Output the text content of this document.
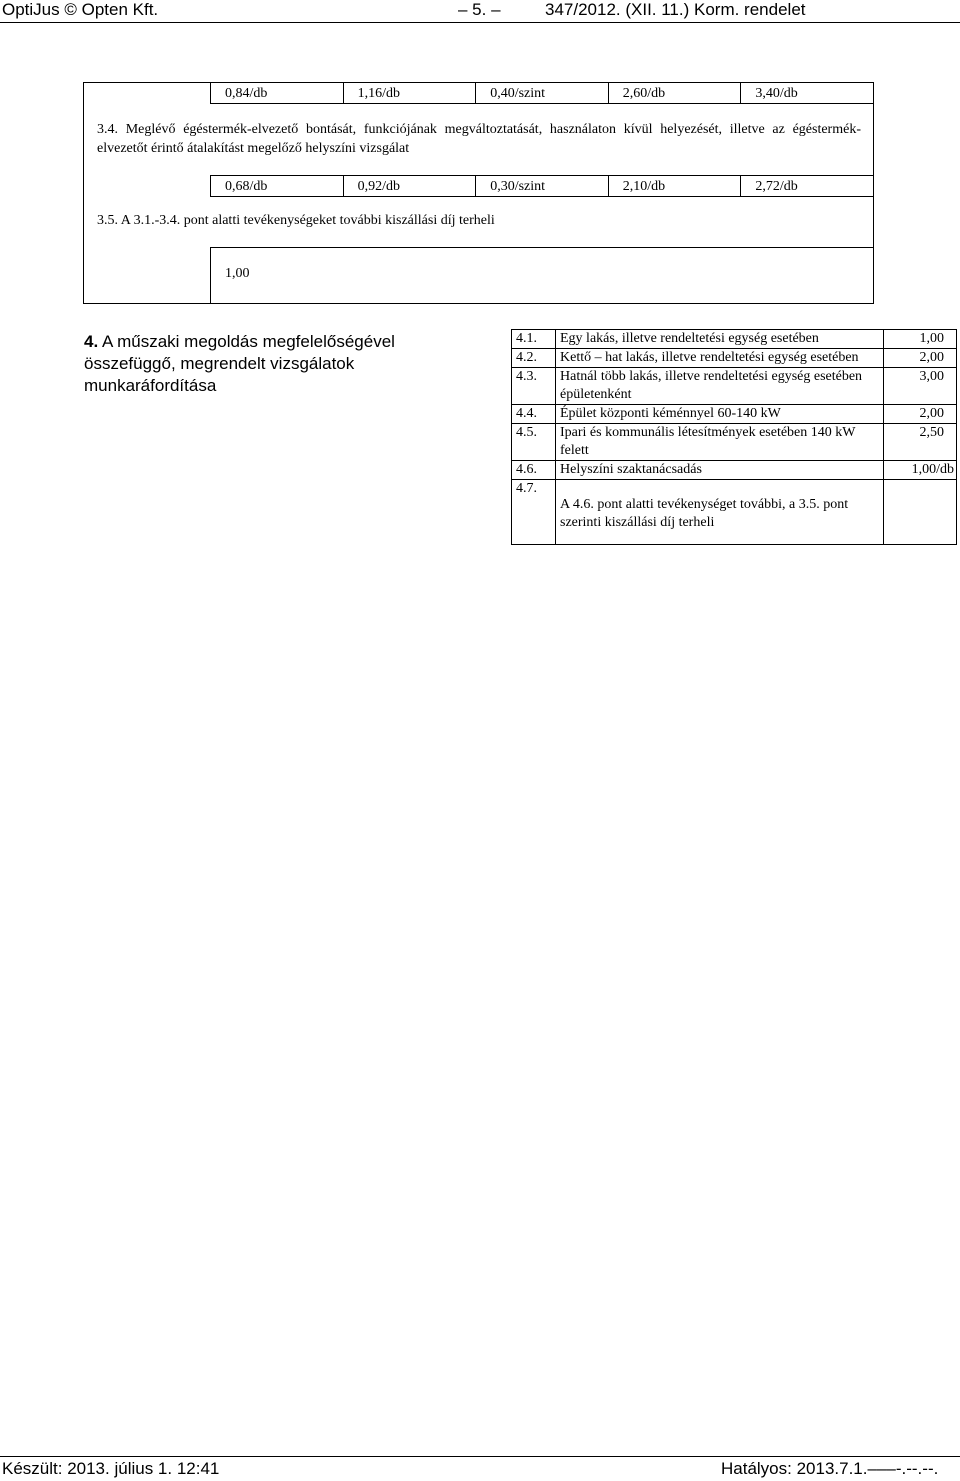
OptiJus © Opten Kft.	– 5. –	347/2012. (XII. 11.) Korm. rendelet
0,84/db	1,16/db	0,40/szint	2,60/db	3,40/db
3.4. Meglévő égéstermék-elvezető bontását, funkciójának megváltoztatását, használaton kívül helyezését, illetve az égéstermék-elvezetőt érintő átalakítást megelőző helyszíni vizsgálat
0,68/db	0,92/db	0,30/szint	2,10/db	2,72/db
3.5. A 3.1.-3.4. pont alatti tevékenységeket további kiszállási díj terheli
1,00
4. A műszaki megoldás megfelelőségével összefüggő, megrendelt vizsgálatok munkaráfordítása
4.1.	Egy lakás, illetve rendeltetési egység esetében	1,00
4.2.	Kettő – hat lakás, illetve rendeltetési egység esetében	2,00
4.3.	Hatnál több lakás, illetve rendeltetési egység esetében épületenként	3,00
4.4.	Épület központi kéménnyel 60-140 kW	2,00
4.5.	Ipari és kommunális létesítmények esetében 140 kW felett	2,50
4.6.	Helyszíni szaktanácsadás	1,00/db
4.7.	A 4.6. pont alatti tevékenységet további, a 3.5. pont szerinti kiszállási díj terheli	
Készült: 2013. július 1. 12:41	Hatályos: 2013.7.1.–––-.--.--.
